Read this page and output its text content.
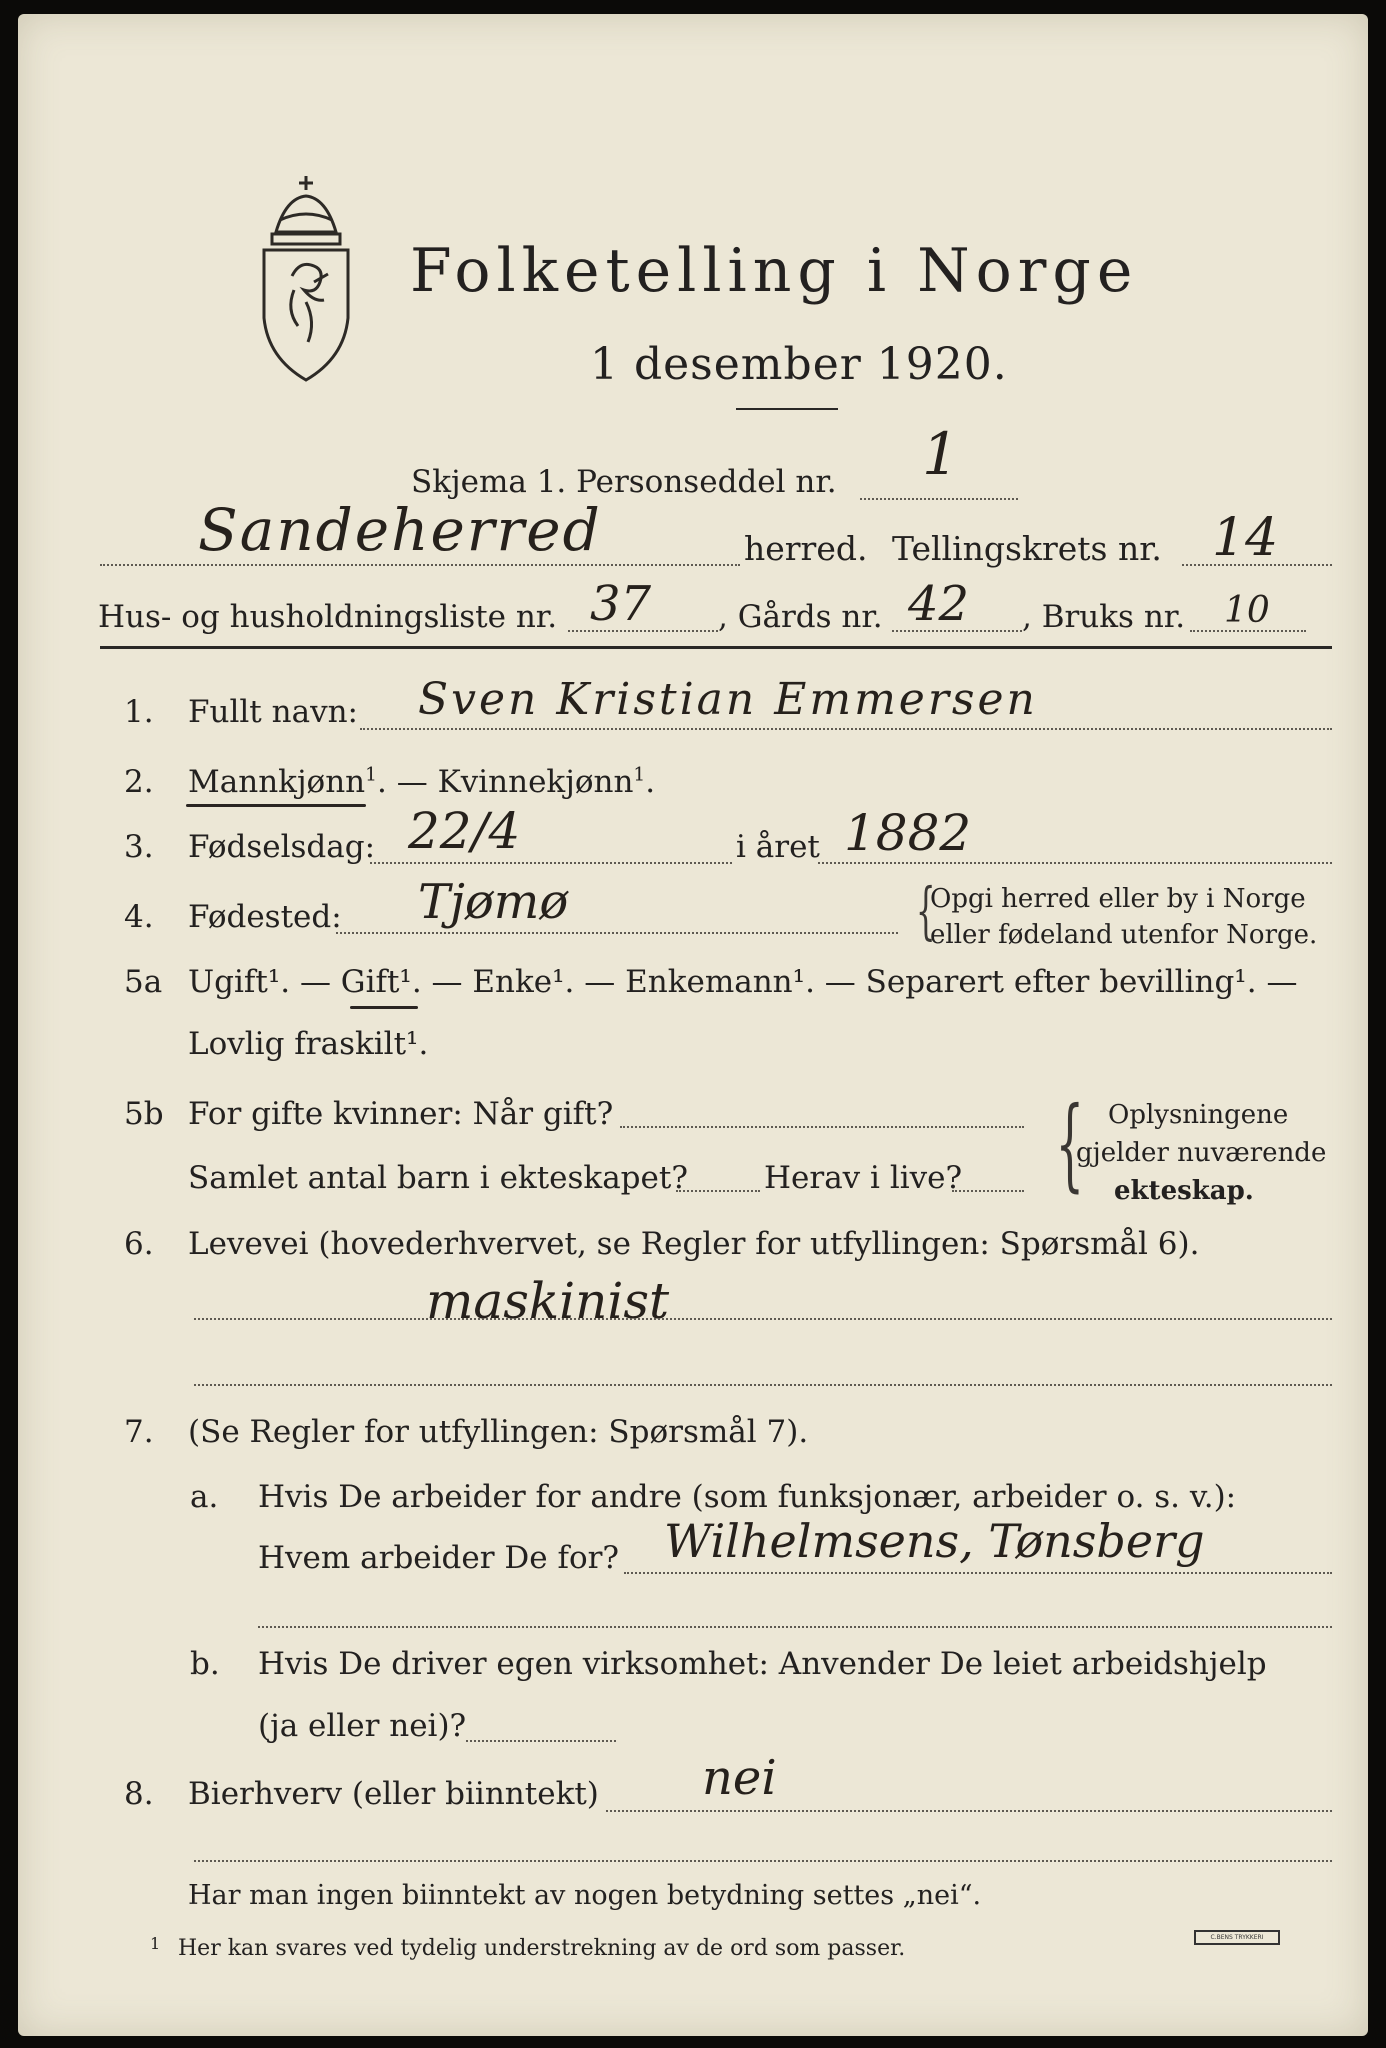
Folketelling i Norge
1 desember 1920.
Skjema 1. Personseddel nr. 1
Sandeherred	herred. Tellingskrets nr. 14
Hus- og husholdningsliste nr. 37 , Gårds nr. 42 , Bruks nr. 10
1. Fullt navn: Sven Kristian Emmersen
2. Mannkjønn$^1$. — Kvinnekjønn$^1$.
3. Fødselsdag: 22/4	i året 1882
4. Fødested: Tjømø	{
Opgi herred eller by i Norge
eller fødeland utenfor Norge.
5a Ugift¹. — Gift¹. — Enke¹. — Enkemann¹. — Separert efter bevilling¹. —
Lovlig fraskilt¹.
5b For gifte kvinner: Når gift?
Samlet antal barn i ekteskapet? Herav i live? { Oplysningene
gjelder nuværende
ekteskap.
6. Levevei (hovederhvervet, se Regler for utfyllingen: Spørsmål 6).
maskinist
7. (Se Regler for utfyllingen: Spørsmål 7).
a. Hvis De arbeider for andre (som funksjonær, arbeider o. s. v.):
Hvem arbeider De for? Wilhelmsens, Tønsberg
b. Hvis De driver egen virksomhet: Anvender De leiet arbeidshjelp
(ja eller nei)?
8. Bierhverv (eller biinntekt) nei
Har man ingen biinntekt av nogen betydning settes „nei“.
1 Her kan svares ved tydelig understrekning av de ord som passer.	C.BENS TRYKKERI
